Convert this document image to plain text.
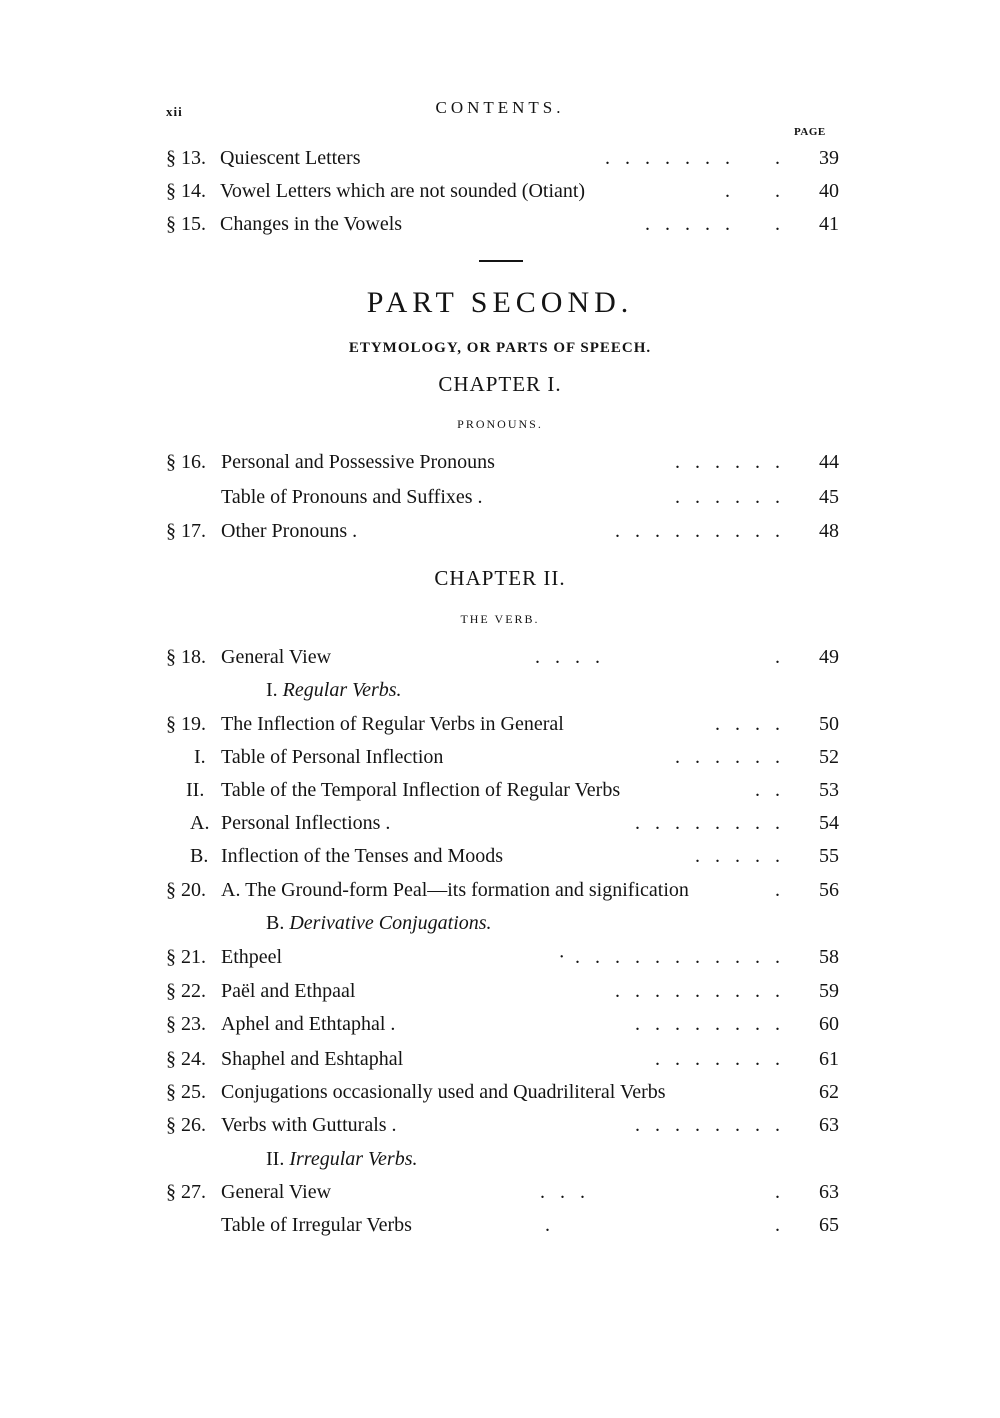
xii	CONTENTS.
PAGE
§ 13. Quiescent Letters	.   .   .   .   .   .   .         .	39
§ 14. Vowel Letters which are not sounded (Otiant)	.         .	40
§ 15. Changes in the Vowels	.   .   .   .   .         .	41
PART SECOND.
ETYMOLOGY, OR PARTS OF SPEECH.
CHAPTER I.
PRONOUNS.
§ 16. Personal and Possessive Pronouns	.   .   .   .   .   .	44
Table of Pronouns and Suffixes .	.   .   .   .   .   .	45
§ 17. Other Pronouns .	.   .   .   .   .   .   .   .   .	48
CHAPTER II.
THE VERB.
§ 18. General View	.   .   .   .                                   .	49
I. Regular Verbs.
§ 19. The Inflection of Regular Verbs in General	.   .   .   .	50
I. Table of Personal Inflection	.   .   .   .   .   .	52
II. Table of the Temporal Inflection of Regular Verbs	.   .	53
A. Personal Inflections .	.   .   .   .   .   .   .   .	54
B. Inflection of the Tenses and Moods	.   .   .   .   .	55
§ 20. A. The Ground-form Peal—its formation and signification	.	56
B. Derivative Conjugations.
§ 21. Ethpeel	·  .   .   .   .   .   .   .   .   .   .   .	58
§ 22. Paël and Ethpaal	.   .   .   .   .   .   .   .   .	59
§ 23. Aphel and Ethtaphal .	.   .   .   .   .   .   .   .	60
§ 24. Shaphel and Eshtaphal	.   .   .   .   .   .   .	61
§ 25. Conjugations occasionally used and Quadriliteral Verbs	62
§ 26. Verbs with Gutturals .	.   .   .   .   .   .   .   .	63
II. Irregular Verbs.
§ 27. General View	.   .   .                                      .	63
Table of Irregular Verbs	.                                             .	65
